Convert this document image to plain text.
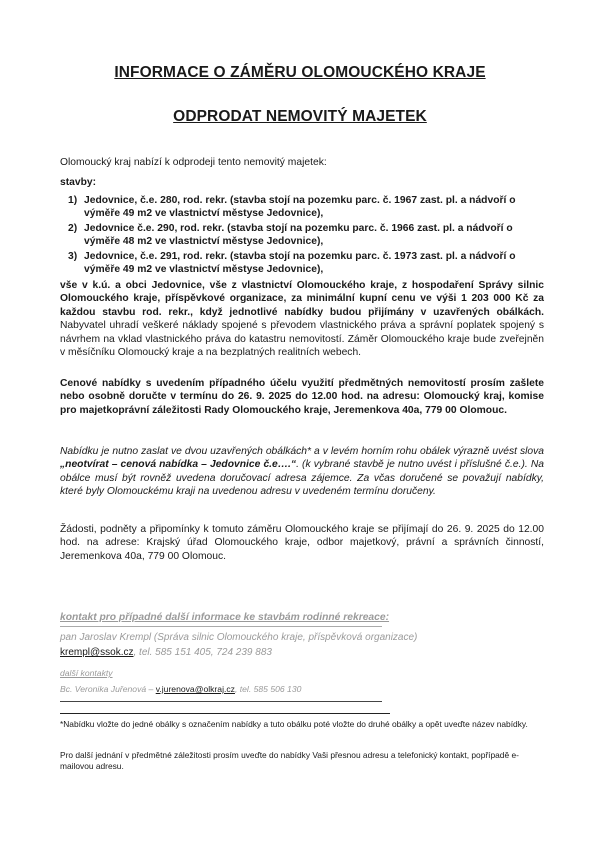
INFORMACE O ZÁMĚRU OLOMOUCKÉHO KRAJE
ODPRODAT NEMOVITÝ MAJETEK
Olomoucký kraj nabízí k odprodeji tento nemovitý majetek:
stavby:
1) Jedovnice, č.e. 280, rod. rekr. (stavba stojí na pozemku parc. č. 1967 zast. pl. a nádvoří o výměře 49 m2 ve vlastnictví městyse Jedovnice),
2) Jedovnice č.e. 290, rod. rekr. (stavba stojí na pozemku parc. č. 1966 zast. pl. a nádvoří o výměře 48 m2 ve vlastnictví městyse Jedovnice),
3) Jedovnice, č.e. 291, rod. rekr. (stavba stojí na pozemku parc. č. 1973 zast. pl. a nádvoří o výměře 49 m2 ve vlastnictví městyse Jedovnice),
vše v k.ú. a obci Jedovnice, vše z vlastnictví Olomouckého kraje, z hospodaření Správy silnic Olomouckého kraje, příspěvkové organizace, za minimální kupní cenu ve výši 1 203 000 Kč za každou stavbu rod. rekr., když jednotlivé nabídky budou přijímány v uzavřených obálkách. Nabyvatel uhradí veškeré náklady spojené s převodem vlastnického práva a správní poplatek spojený s návrhem na vklad vlastnického práva do katastru nemovitostí. Záměr Olomouckého kraje bude zveřejněn v měsíčníku Olomoucký kraje a na bezplatných realitních webech.
Cenové nabídky s uvedením případného účelu využití předmětných nemovitostí prosím zašlete nebo osobně doručte v termínu do 26. 9. 2025 do 12.00 hod. na adresu: Olomoucký kraj, komise pro majetkoprávní záležitosti Rady Olomouckého kraje, Jeremenkova 40a, 779 00 Olomouc.
Nabídku je nutno zaslat ve dvou uzavřených obálkách* a v levém horním rohu obálek výrazně uvést slova „neotvírat – cenová nabídka – Jedovnice č.e….“. (k vybrané stavbě je nutno uvést i příslušné č.e.). Na obálce musí být rovněž uvedena doručovací adresa zájemce. Za včas doručené se považují nabídky, které byly Olomouckému kraji na uvedenou adresu v uvedeném termínu doručeny.
Žádosti, podněty a připomínky k tomuto záměru Olomouckého kraje se přijímají do 26. 9. 2025 do 12.00 hod. na adrese: Krajský úřad Olomouckého kraje, odbor majetkový, právní a správních činností, Jeremenkova 40a, 779 00 Olomouc.
kontakt pro případné další informace ke stavbám rodinné rekreace:
pan Jaroslav Krempl (Správa silnic Olomouckého kraje, příspěvková organizace)
krempl@ssok.cz, tel. 585 151 405, 724 239 883
další kontakty
Bc. Veronika Juřenová – v.jurenova@olkraj.cz, tel. 585 506 130
*Nabídku vložte do jedné obálky s označením nabídky a tuto obálku poté vložte do druhé obálky a opět uveďte název nabídky.
Pro další jednání v předmětné záležitosti prosím uveďte do nabídky Vaši přesnou adresu a telefonický kontakt, popřípadě e-mailovou adresu.
